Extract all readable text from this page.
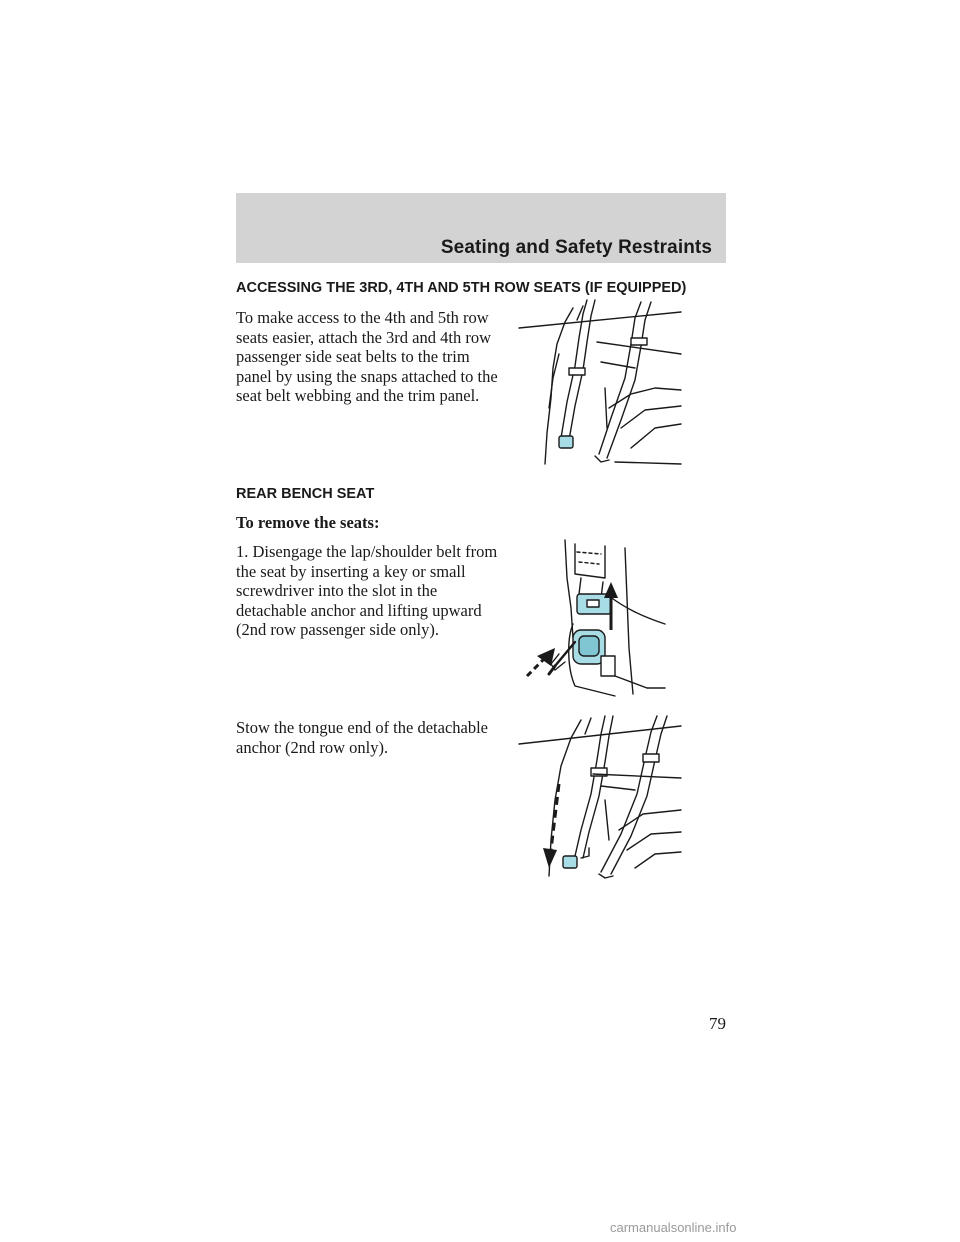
Seating and Safety Restraints
ACCESSING THE 3RD, 4TH AND 5TH ROW SEATS (IF EQUIPPED)
To make access to the 4th and 5th row seats easier, attach the 3rd and 4th row passenger side seat belts to the trim panel by using the snaps attached to the seat belt webbing and the trim panel.
REAR BENCH SEAT
To remove the seats:
1. Disengage the lap/shoulder belt from the seat by inserting a key or small screwdriver into the slot in the detachable anchor and lifting upward (2nd row passenger side only).
Stow the tongue end of the detachable anchor (2nd row only).
79
carmanualsonline.info
